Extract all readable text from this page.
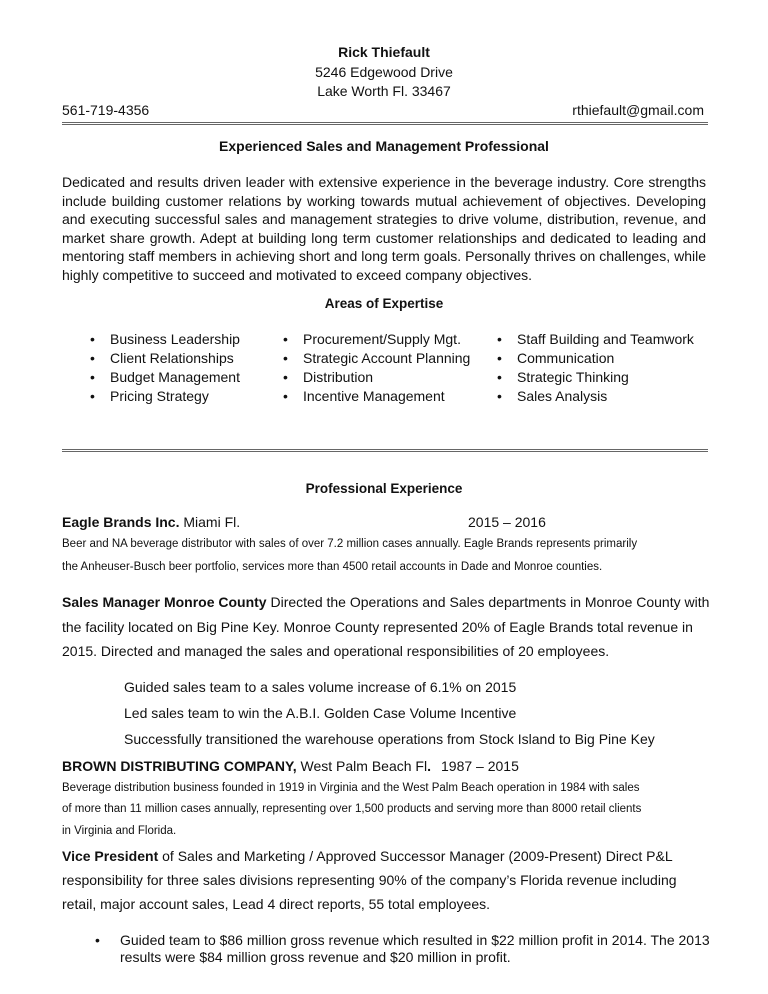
Rick Thiefault
5246 Edgewood Drive
Lake Worth Fl. 33467
561-719-4356	rthiefault@gmail.com
Experienced Sales and Management Professional
Dedicated and results driven leader with extensive experience in the beverage industry. Core strengths include building customer relations by working towards mutual achievement of objectives. Developing and executing successful sales and management strategies to drive volume, distribution, revenue, and market share growth. Adept at building long term customer relationships and dedicated to leading and mentoring staff members in achieving short and long term goals. Personally thrives on challenges, while highly competitive to succeed and motivated to exceed company objectives.
Areas of Expertise
• Business Leadership
• Client Relationships
• Budget Management
• Pricing Strategy
• Procurement/Supply Mgt.
• Strategic Account Planning
• Distribution
• Incentive Management
• Staff Building and Teamwork
• Communication
• Strategic Thinking
• Sales Analysis
Professional Experience
Eagle Brands Inc. Miami Fl.	2015 – 2016
Beer and NA beverage distributor with sales of over 7.2 million cases annually. Eagle Brands represents primarily
the Anheuser-Busch beer portfolio, services more than 4500 retail accounts in Dade and Monroe counties.
Sales Manager Monroe County Directed the Operations and Sales departments in Monroe County with
the facility located on Big Pine Key. Monroe County represented 20% of Eagle Brands total revenue in
2015. Directed and managed the sales and operational responsibilities of 20 employees.
Guided sales team to a sales volume increase of 6.1% on 2015
Led sales team to win the A.B.I. Golden Case Volume Incentive
Successfully transitioned the warehouse operations from Stock Island to Big Pine Key
BROWN DISTRIBUTING COMPANY, West Palm Beach Fl. 1987 – 2015
Beverage distribution business founded in 1919 in Virginia and the West Palm Beach operation in 1984 with sales
of more than 11 million cases annually, representing over 1,500 products and serving more than 8000 retail clients
in Virginia and Florida.
Vice President of Sales and Marketing / Approved Successor Manager (2009-Present) Direct P&L
responsibility for three sales divisions representing 90% of the company’s Florida revenue including
retail, major account sales, Lead 4 direct reports, 55 total employees.
• Guided team to $86 million gross revenue which resulted in $22 million profit in 2014. The 2013
results were $84 million gross revenue and $20 million in profit.
